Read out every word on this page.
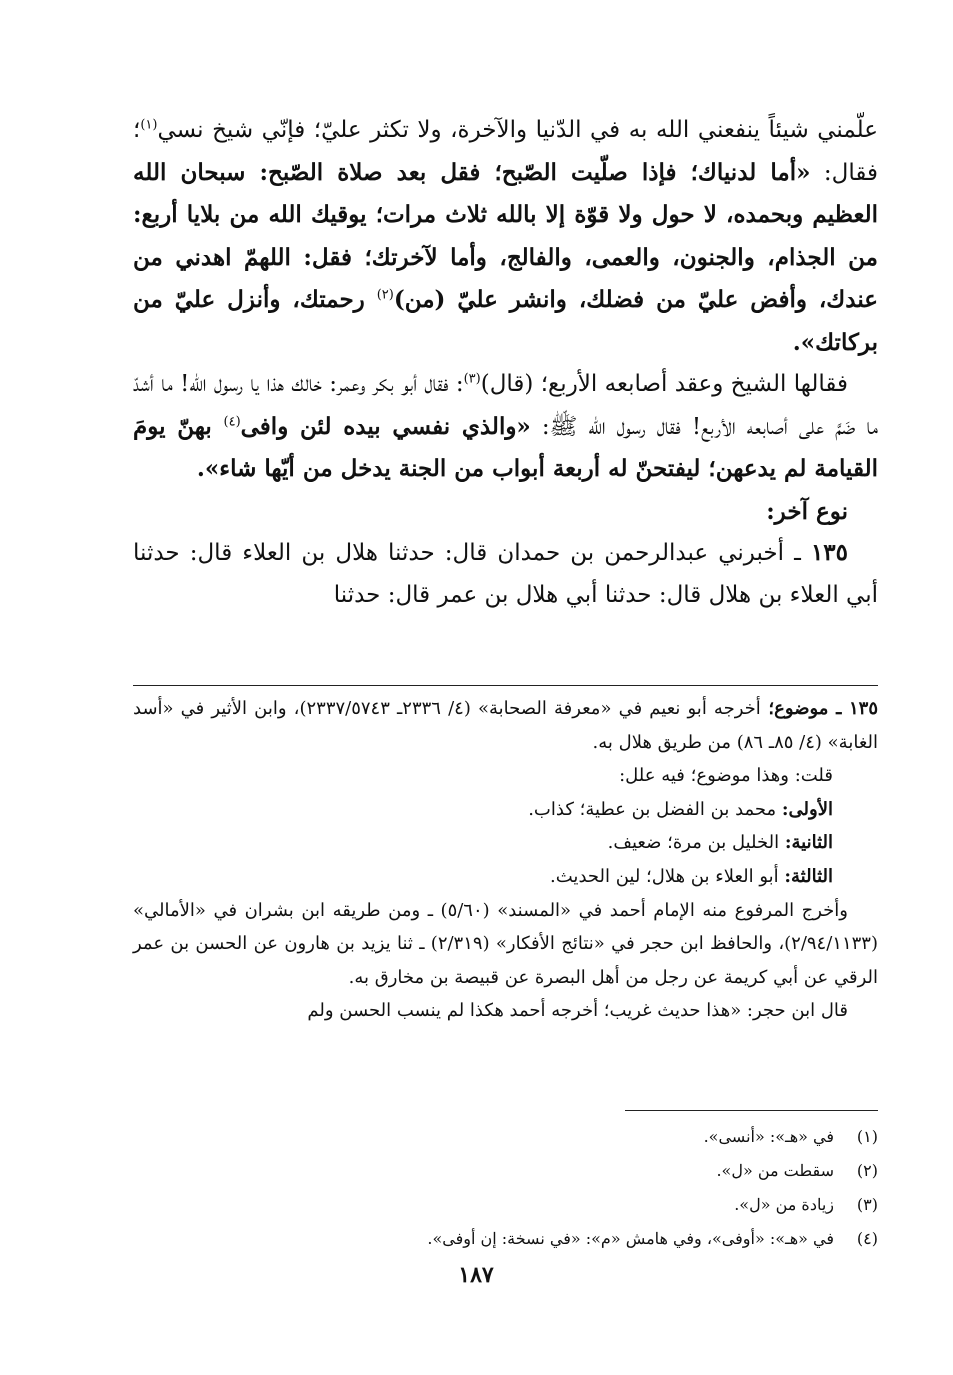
علّمني شيئاً ينفعني الله به في الدّنيا والآخرة، ولا تكثر عليّ؛ فإنّي شيخ نسي$^{(١)}$؛ فقال: «أما لدنياك؛ فإذا صلّيت الصّبح؛ فقل بعد صلاة الصّبح: سبحان الله العظيم وبحمده، لا حول ولا قوّة إلا بالله ثلاث مرات؛ يوقيك الله من بلايا أربع: من الجذام، والجنون، والعمى، والفالج، وأما لآخرتك؛ فقل: اللهمّ اهدني من عندك، وأفض عليّ من فضلك، وانشر عليّ (من)$^{(٢)}$ رحمتك، وأنزل عليّ من بركاتك».

فقالها الشيخ وعقد أصابعه الأربع؛ (قال)$^{(٣)}$: فقال أبو بكر وعمر: خالك هذا يا رسول الله! ما أشدّ ما ضَمَّ على أصابعه الأربع! فقال رسول الله ﷺ: «والذي نفسي بيده لئن وافى$^{(٤)}$ بهنّ يومَ القيامة لم يدعهن؛ ليفتحنّ له أربعة أبواب من الجنة يدخل من أيّها شاء».

نوع آخر:

١٣٥ ـ أخبرني عبدالرحمن بن حمدان قال: حدثنا هلال بن العلاء قال: حدثنا أبي العلاء بن هلال قال: حدثنا أبي هلال بن عمر قال: حدثنا

١٣٥ ـ موضوع؛ أخرجه أبو نعيم في «معرفة الصحابة» (٤/ ٢٣٣٦ـ ٢٣٣٧/٥٧٤٣)، وابن الأثير في «أسد الغابة» (٤/ ٨٥ـ ٨٦) من طريق هلال به.

قلت: وهذا موضوع؛ فيه علل:

الأولى: محمد بن الفضل بن عطية؛ كذاب.

الثانية: الخليل بن مرة؛ ضعيف.

الثالثة: أبو العلاء بن هلال؛ لين الحديث.

وأخرج المرفوع منه الإمام أحمد في «المسند» (٥/٦٠) ـ ومن طريقه ابن بشران في «الأمالي» (٢/٩٤/١١٣٣)، والحافظ ابن حجر في «نتائج الأفكار» (٢/٣١٩) ـ ثنا يزيد بن هارون عن الحسن بن عمر الرقي عن أبي كريمة عن رجل من أهل البصرة عن قبيصة بن مخارق به.

قال ابن حجر: «هذا حديث غريب؛ أخرجه أحمد هكذا لم ينسب الحسن ولم

(١)
في «هـ»: «أنسى».
(٢)
سقطت من «ل».
(٣)
زيادة من «ل».
(٤)
في «هـ»: «أوفى»، وفي هامش «م»: «في نسخة: إن أوفى».
١٨٧
